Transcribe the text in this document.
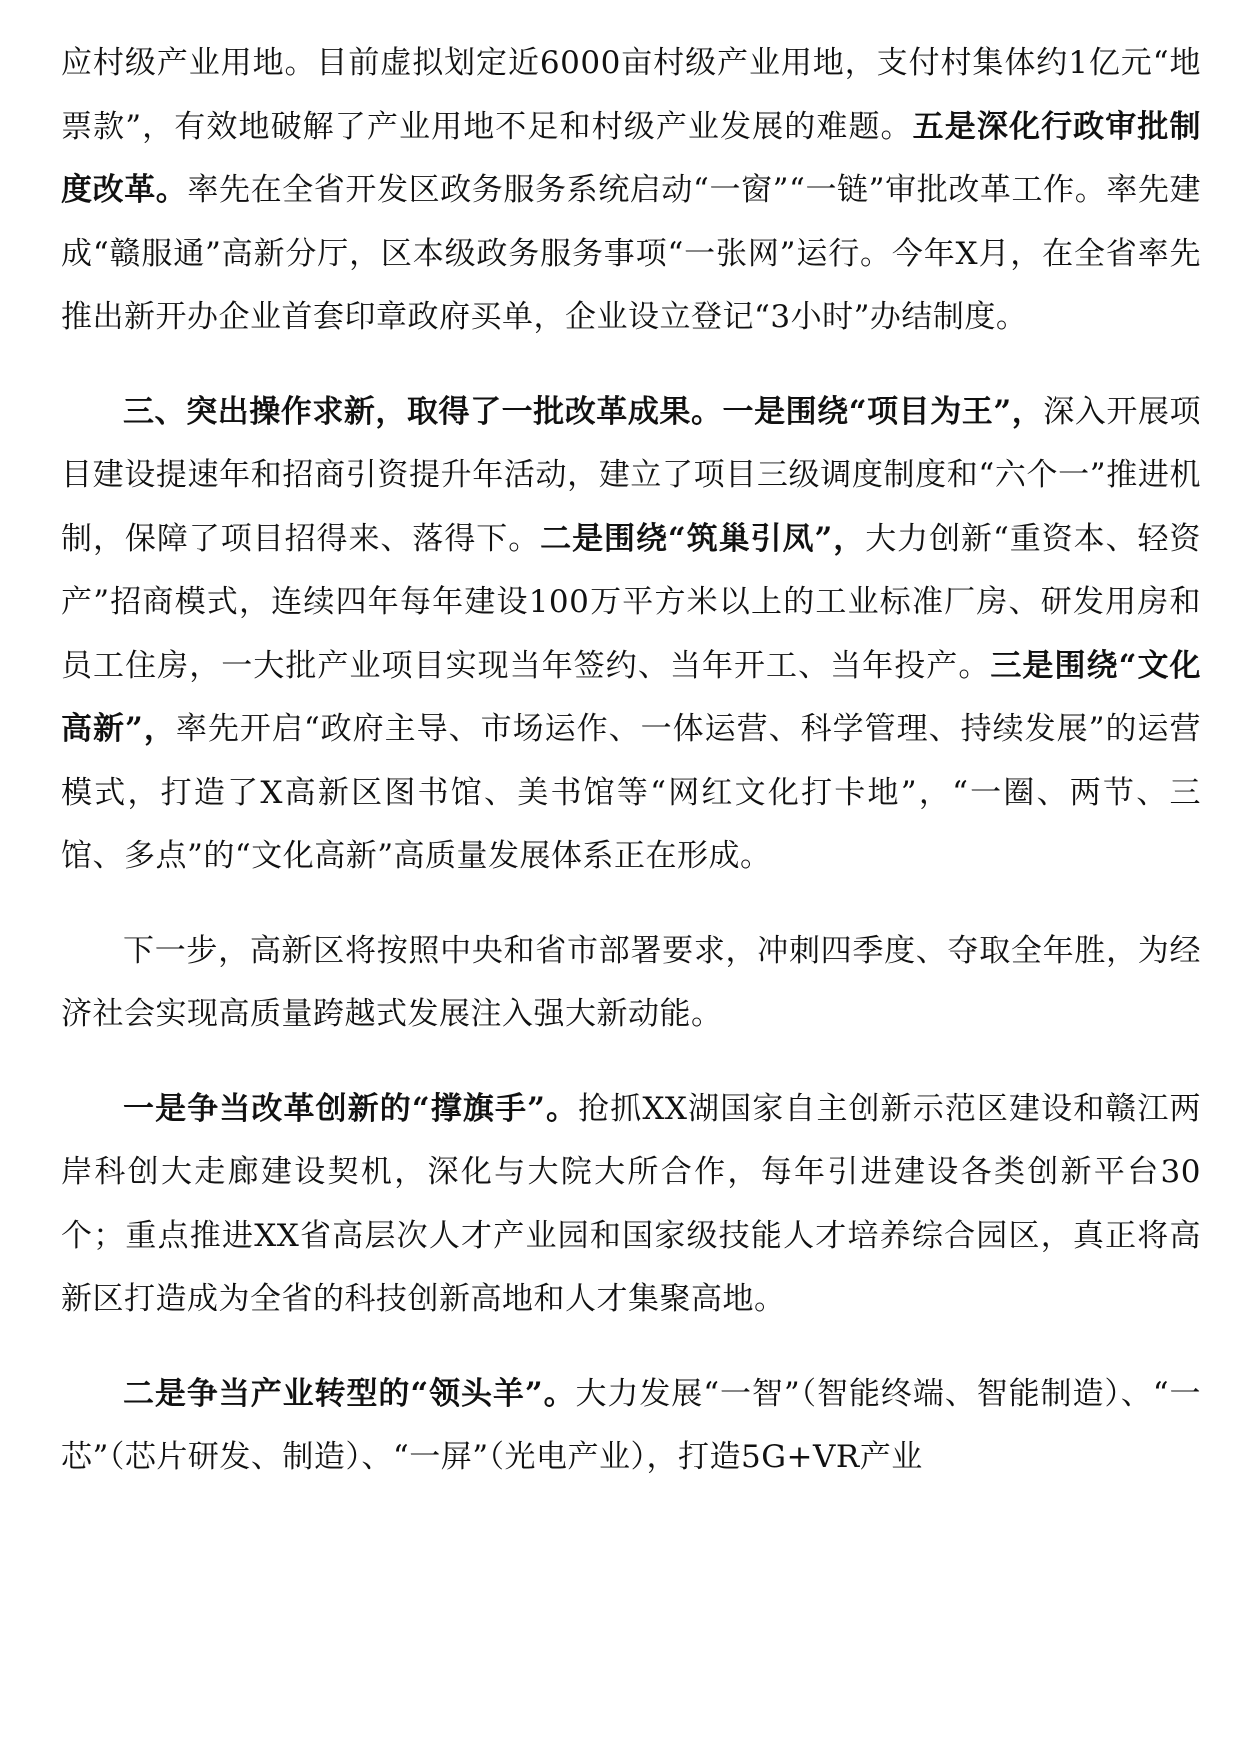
应村级产业用地。目前虚拟划定近6000亩村级产业用地，支付村集体约1亿元“地票款”，有效地破解了产业用地不足和村级产业发展的难题。五是深化行政审批制度改革。率先在全省开发区政务服务系统启动“一窗”“一链”审批改革工作。率先建成“赣服通”高新分厅，区本级政务服务事项“一张网”运行。今年X月，在全省率先推出新开办企业首套印章政府买单，企业设立登记“3小时”办结制度。

三、突出操作求新，取得了一批改革成果。一是围绕“项目为王”，深入开展项目建设提速年和招商引资提升年活动，建立了项目三级调度制度和“六个一”推进机制，保障了项目招得来、落得下。二是围绕“筑巢引凤”，大力创新“重资本、轻资产”招商模式，连续四年每年建设100万平方米以上的工业标准厂房、研发用房和员工住房，一大批产业项目实现当年签约、当年开工、当年投产。三是围绕“文化高新”，率先开启“政府主导、市场运作、一体运营、科学管理、持续发展”的运营模式，打造了X高新区图书馆、美书馆等“网红文化打卡地”，“一圈、两节、三馆、多点”的“文化高新”高质量发展体系正在形成。

下一步，高新区将按照中央和省市部署要求，冲刺四季度、夺取全年胜，为经济社会实现高质量跨越式发展注入强大新动能。

一是争当改革创新的“撑旗手”。抢抓XX湖国家自主创新示范区建设和赣江两岸科创大走廊建设契机，深化与大院大所合作，每年引进建设各类创新平台30个；重点推进XX省高层次人才产业园和国家级技能人才培养综合园区，真正将高新区打造成为全省的科技创新高地和人才集聚高地。

二是争当产业转型的“领头羊”。大力发展“一智”（智能终端、智能制造）、“一芯”（芯片研发、制造）、“一屏”（光电产业），打造5G+VR产业
